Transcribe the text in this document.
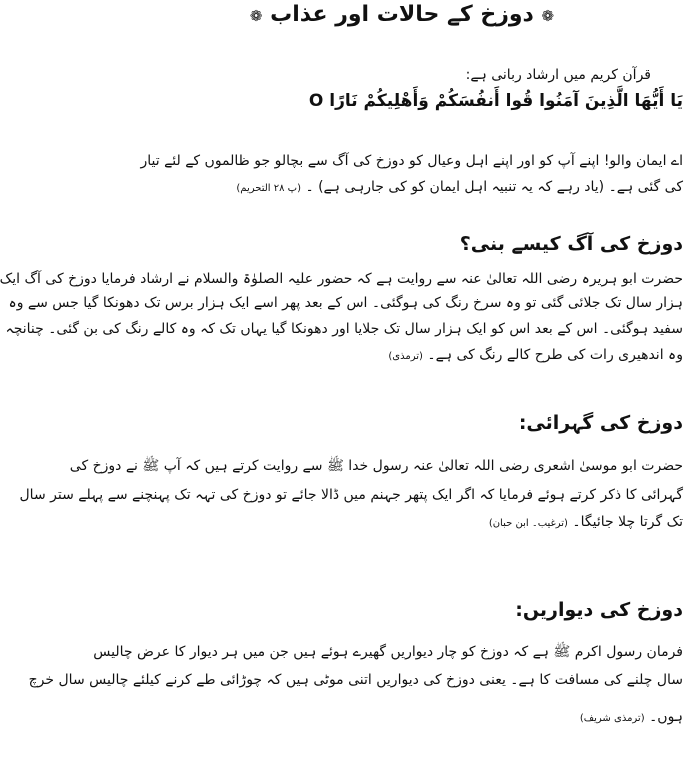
❁ دوزخ کے حالات اور عذاب ❁
قرآن کریم میں ارشاد ربانی ہے:
يَا أَيُّهَا الَّذِينَ آمَنُوا قُوا أَنفُسَكُمْ وَأَهْلِيكُمْ نَارًا O
اے ایمان والو! اپنے آپ کو اور اپنے اہل وعیال کو دوزخ کی آگ سے بچالو جو ظالموں کے لئے تیار
کی گئی ہے۔ (یاد رہے کہ یہ تنبیہ اہل ایمان کو کی جارہی ہے) ۔ (پ ۲۸ التحریم)
دوزخ کی آگ کیسے بنی؟
حضرت ابو ہریرہ رضی اللہ تعالیٰ عنہ سے روایت ہے کہ حضور علیہ الصلوٰۃ والسلام نے ارشاد فرمایا دوزخ کی آگ ایک
ہزار سال تک جلائی گئی تو وہ سرخ رنگ کی ہوگئی۔ اس کے بعد پھر اسے ایک ہزار برس تک دھونکا گیا جس سے وہ
سفید ہوگئی۔ اس کے بعد اس کو ایک ہزار سال تک جلایا اور دھونکا گیا یہاں تک کہ وہ کالے رنگ کی بن گئی۔ چنانچہ
وہ اندھیری رات کی طرح کالے رنگ کی ہے۔ (ترمذی)
دوزخ کی گہرائی:
حضرت ابو موسیٰ اشعری رضی اللہ تعالیٰ عنہ رسول خدا ﷺ سے روایت کرتے ہیں کہ آپ ﷺ نے دوزخ کی
گہرائی کا ذکر کرتے ہوئے فرمایا کہ اگر ایک پتھر جہنم میں ڈالا جائے تو دوزخ کی تہہ تک پہنچنے سے پہلے ستر سال
تک گرتا چلا جائیگا۔ (ترغیب۔ ابن حبان)
دوزخ کی دیواریں:
فرمان رسول اکرم ﷺ ہے کہ دوزخ کو چار دیواریں گھیرے ہوئے ہیں جن میں ہر دیوار کا عرض چالیس
سال چلنے کی مسافت کا ہے۔ یعنی دوزخ کی دیواریں اتنی موٹی ہیں کہ چوڑائی طے کرنے کیلئے چالیس سال خرچ
ہوں۔ (ترمذی شریف)
